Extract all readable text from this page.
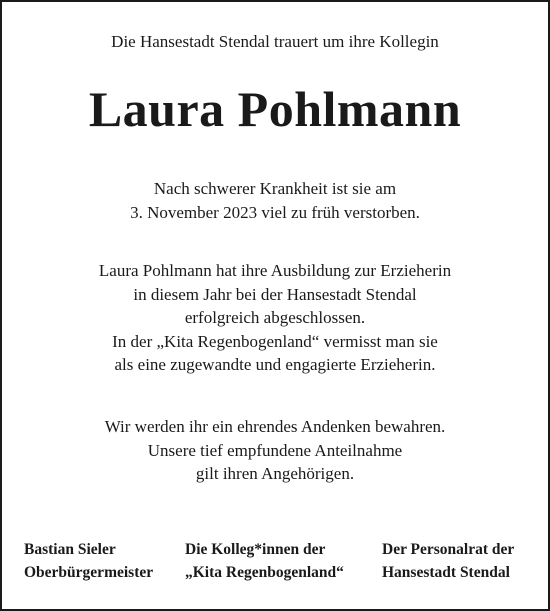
Die Hansestadt Stendal trauert um ihre Kollegin
Laura Pohlmann
Nach schwerer Krankheit ist sie am
3. November 2023 viel zu früh verstorben.
Laura Pohlmann hat ihre Ausbildung zur Erzieherin
in diesem Jahr bei der Hansestadt Stendal
erfolgreich abgeschlossen.
In der „Kita Regenbogenland“ vermisst man sie
als eine zugewandte und engagierte Erzieherin.
Wir werden ihr ein ehrendes Andenken bewahren.
Unsere tief empfundene Anteilnahme
gilt ihren Angehörigen.
Bastian Sieler
Oberbürgermeister
Die Kolleg*innen der
„Kita Regenbogenland“
Der Personalrat der
Hansestadt Stendal
